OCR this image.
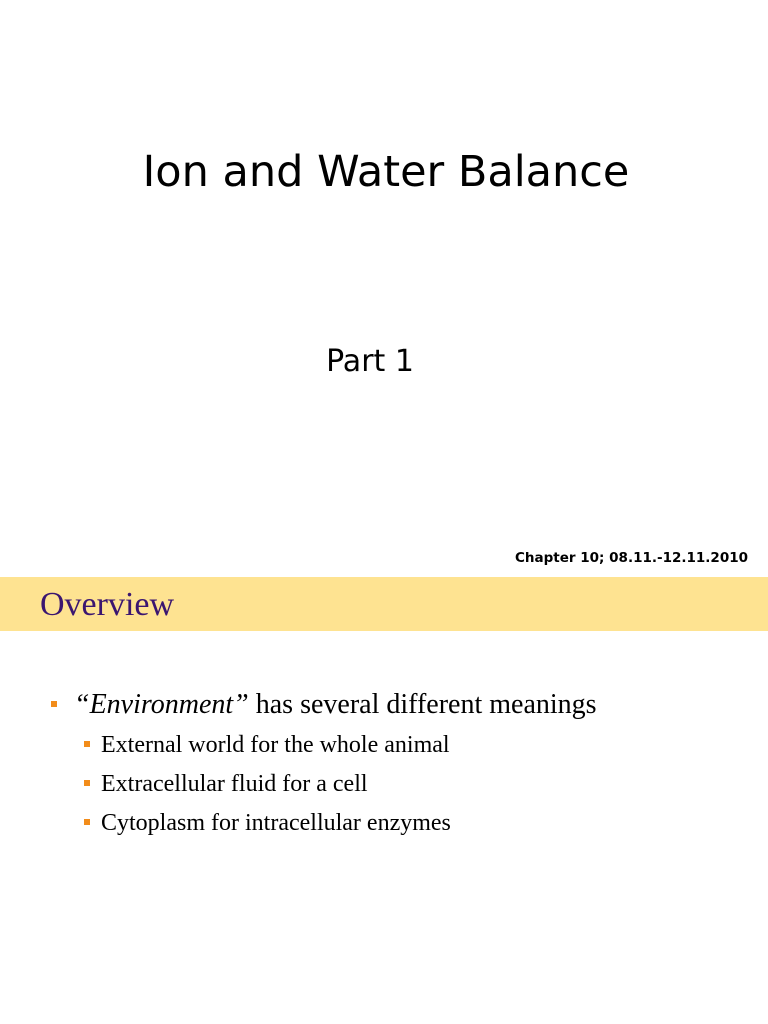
Ion and Water Balance
Part 1
Chapter 10; 08.11.-12.11.2010
Overview
“Environment” has several different meanings
External world for the whole animal
Extracellular fluid for a cell
Cytoplasm for intracellular enzymes
